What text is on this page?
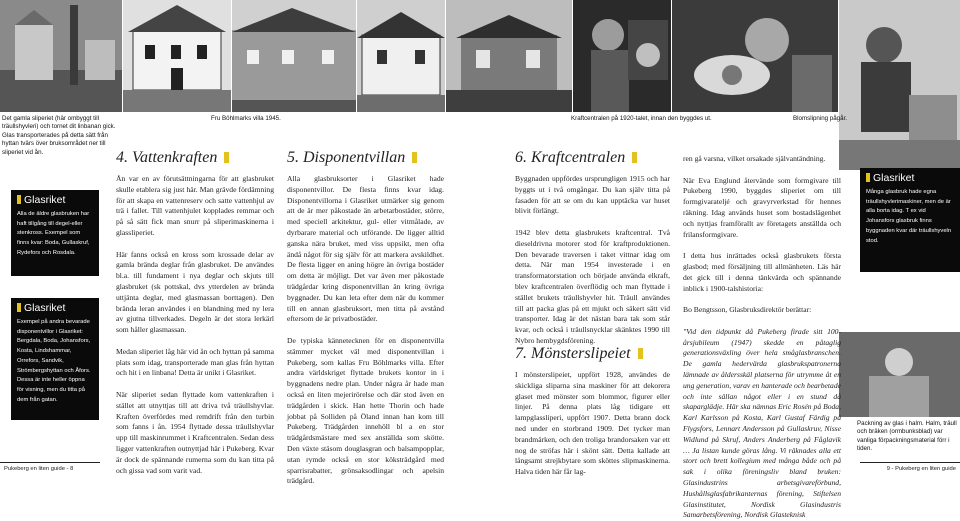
Det gamla sliperiet (här ombyggt till träullshyvleri) och tornet dit linbanan gick. Glas transporterades på detta sätt från hyttan tvärs över bruksområdet ner till sliperiet vid ån.
Fru Böhlmarks villa 1945.	Kraftcentralen på 1920-talet, innan den byggdes ut.	Blomslipning pågår.
Packning av glas i halm. Halm, träull och bräken (ormbunksblad) var vanliga förpackningsmaterial förr i tiden.
Glasriket
Alla de äldre glasbruken har haft tillgång till degel-eller stenkross. Exempel som finns kvar: Boda, Gullaskruf, Rydefors och Rosdala.
Glasriket
Exempel på andra bevarade disponentvillor i Glasriket: Bergdala, Boda, Johansfors, Kosta, Lindshammar, Orrefors, Sandvik, Strömbergshyttan och Åfors. Dessa är inte heller öppna för visning, men du titta på dem från gatan.
Glasriket
Många glasbruk hade egna träullshyvlerimaskiner, men de är alla borta idag. T ex vid Johansfors glasbruk finns byggnaden kvar där träullshyveln stod.
4. Vattenkraften	5. Disponentvillan	6. Kraftcentralen
7. Mönsterslipeiet

Ån var en av förutsättningarna för att glasbruket skulle etablera sig just här. Man grävde fördämning för att skapa en vattenreserv och satte vattenhjul av trä i fallet. Till vattenhjulet kopplades remmar och på så sätt fick man snurr på sliperimaskinerna i glassliperiet.

Här fanns också en kross som krossade delar av gamla brända deglar från glasbruket. De användes bl.a. till fundament i nya deglar och skjuts till glasbruket (sk pottskal, dvs ytterdelen av brända uttjänta deglar, med glasmassan borttagen). Den brända leran användes i en blandning med ny lera av gjutna tillverkades. Degeln är det stora lerkärl som håller glasmassan.

Medan sliperiet låg här vid ån och hyttan på samma plats som idag, transporterade man glas från hyttan och hit i en linbana! Detta är unikt i Glasriket.

När sliperiet sedan flyttade kom vattenkraften i stället att utnyttjas till att driva två träullshyvlar. Kraften överfördes med remdrift från den turbin som fanns i ån. 1954 flyttade dessa träullshyvlar upp till maskinrummet i Kraftcentralen. Sedan dess ligger vattenkraften outnyttjad här i Pukeberg. Kvar är dock de spännande rumerna som du kan titta på och gissa vad som varit vad.

Alla glasbruksorter i Glasriket hade disponentvillor. De flesta finns kvar idag. Disponentvillorna i Glasriket utmärker sig genom att de är mer påkostade än arbetarbostäder, större, med speciell arkitektur, gul- eller vitmålade, av dyrbarare material och utförande. De ligger alltid ganska nära bruket, med viss uppsikt, men ofta ändå något för sig själv för att markera avskildhet. De flesta ligger en aning högre än övriga bostäder om detta är möjligt. Det var även mer påkostade trädgårdar kring disponentvillan än kring övriga byggnader. Du kan leta efter dem när du kommer till en annan glasbruksort, men titta på avstånd eftersom de är privatbostäder.

De typiska kännetecknen för en disponentvilla stämmer mycket väl med disponentvillan i Pukeberg, som kallas Fru Böhlmarks villa. Efter andra världskriget flyttade brukets kontor in i byggnadens nedre plan. Under några år hade man också en liten mejerirörelse och där stod även en trädgården i skick. Han hette Thorin och hade jobbat på Solliden på Öland innan han kom till Pukeberg. Trädgården innehöll bl a en stor trädgårdsmästare med sex anställda som skötte. Den växte stäsom douglasgran och balsampopplar, utan rymde också en stor köksträdgård med sparrisrabatter, grönsaksodlingar och apelsin trädgård.

Byggnaden uppfördes ursprungligen 1915 och har byggts ut i två omgångar. Du kan själv titta på fasaden för att se om du kan upptäcka var huset blivit förlängt.

1942 blev detta glasbrukets kraftcentral. Två dieseldrivna motorer stod för kraftproduktionen. Den bevarade traversen i taket vittnar idag om detta. När man 1954 investerade i en transformatorstation och började använda elkraft, blev kraftcentralen överflödig och man flyttade i stället brukets träullshyvler hit. Träull användes till att packa glas på ett mjukt och säkert sätt vid transporter. Idag är det nästan bara tak som står kvar, och också i träullsnycklar skänktes 1990 till Nybro hembygdsförening.

I mönsterslipeiet, uppfört 1928, användes de skickliga sliparna sina maskiner för att dekorera glaset med mönster som blommor, figurer eller linjer. På denna plats låg tidigare ett lampglassliperi, uppfört 1907. Detta brann dock ned under en storbrand 1909. Det tycker man brandmärken, och den troliga brandorsaken var ett nog de ströfas här i skönt sätt. Detta kallade att långsamt strejkbytare som sköttes slipmaskinerna. Halva tiden här får lag-

ren gå varsna, vilket orsakade självantändning.

När Eva Englund återvände som formgivare till Pukeberg 1990, byggdes sliperiet om till formgivarateljé och gravyrverkstad för hennes räkning. Idag används huset som bostadslägenhet och nyttjas framförallt av företagets anställda och frilansformgivare.

I detta hus inrättades också glasbrukets första glasbod; med försäljning till allmänheten. Läs här det gick till i denna tänkvärda och spännande inblick i 1900-talshistoria:

Bo Bengtsson, Glasbruksdirektör berättar:

"Vid den tidpunkt då Pukeberg firade sitt 100-årsjubileum (1947) skedde en påtaglig generationsväxling över hela småglasbranschen. De gamla hedervärda glasbrukspatronerna lämnade av åldersskäl platserna för utrymme åt en ung generation, varav en hanterade och bearbetade och inte sällan något eller i en stund då skaparglädje. Här ska nämnas Eric Rosén på Boda, Karl Karlsson på Kosta, Karl Gustaf Färdig på Flygsfors, Lennart Andersson på Gullaskruv, Nisse Widlund på Skruf, Anders Anderberg på Fåglavik … Ja listan kunde göras lång. Vi räknades alla ett stort och brett kollegium med många både och på sak i olika föreningsliv bland bruken: Glasindustrins arbetsgivareförbund, Hushållsglasfabrikanternas förening, Stiftelsen Glasinstitutet, Nordisk Glasindustris Samarbetsförening, Nordisk Glasteknisk

Pukeberg en liten guide - 8	9 - Pukeberg en liten guide
